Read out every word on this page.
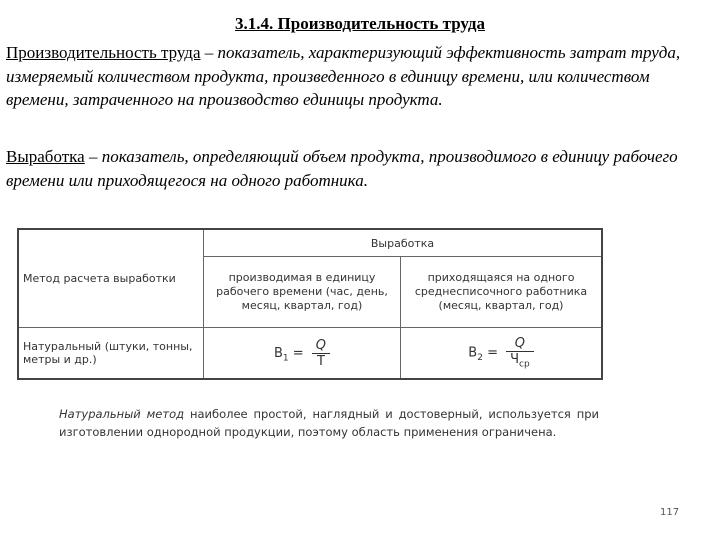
3.1.4. Производительность труда

Производительность труда – показатель, характеризующий эффективность затрат труда, измеряемый количеством продукта, произведенного в единицу времени, или количеством времени, затраченного на производство единицы продукта.

Выработка – показатель, определяющий объем продукта, производимого в единицу рабочего времени или приходящегося на одного работника.

Метод расчета выработки	Выработка	
	производимая в единицу рабочего времени (час, день, месяц, квартал, год)	приходящаяся на одного среднесписочного работника (месяц, квартал, год)
Натуральный (штуки, тонны, метры и др.)	$В_1 = \frac{Q}{Т}$	$В_2 = \frac{Q}{Ч_{ср}}$
Натуральный метод наиболее простой, наглядный и достоверный, используется при изготовлении однородной продукции, поэтому область применения ограничена.
117
